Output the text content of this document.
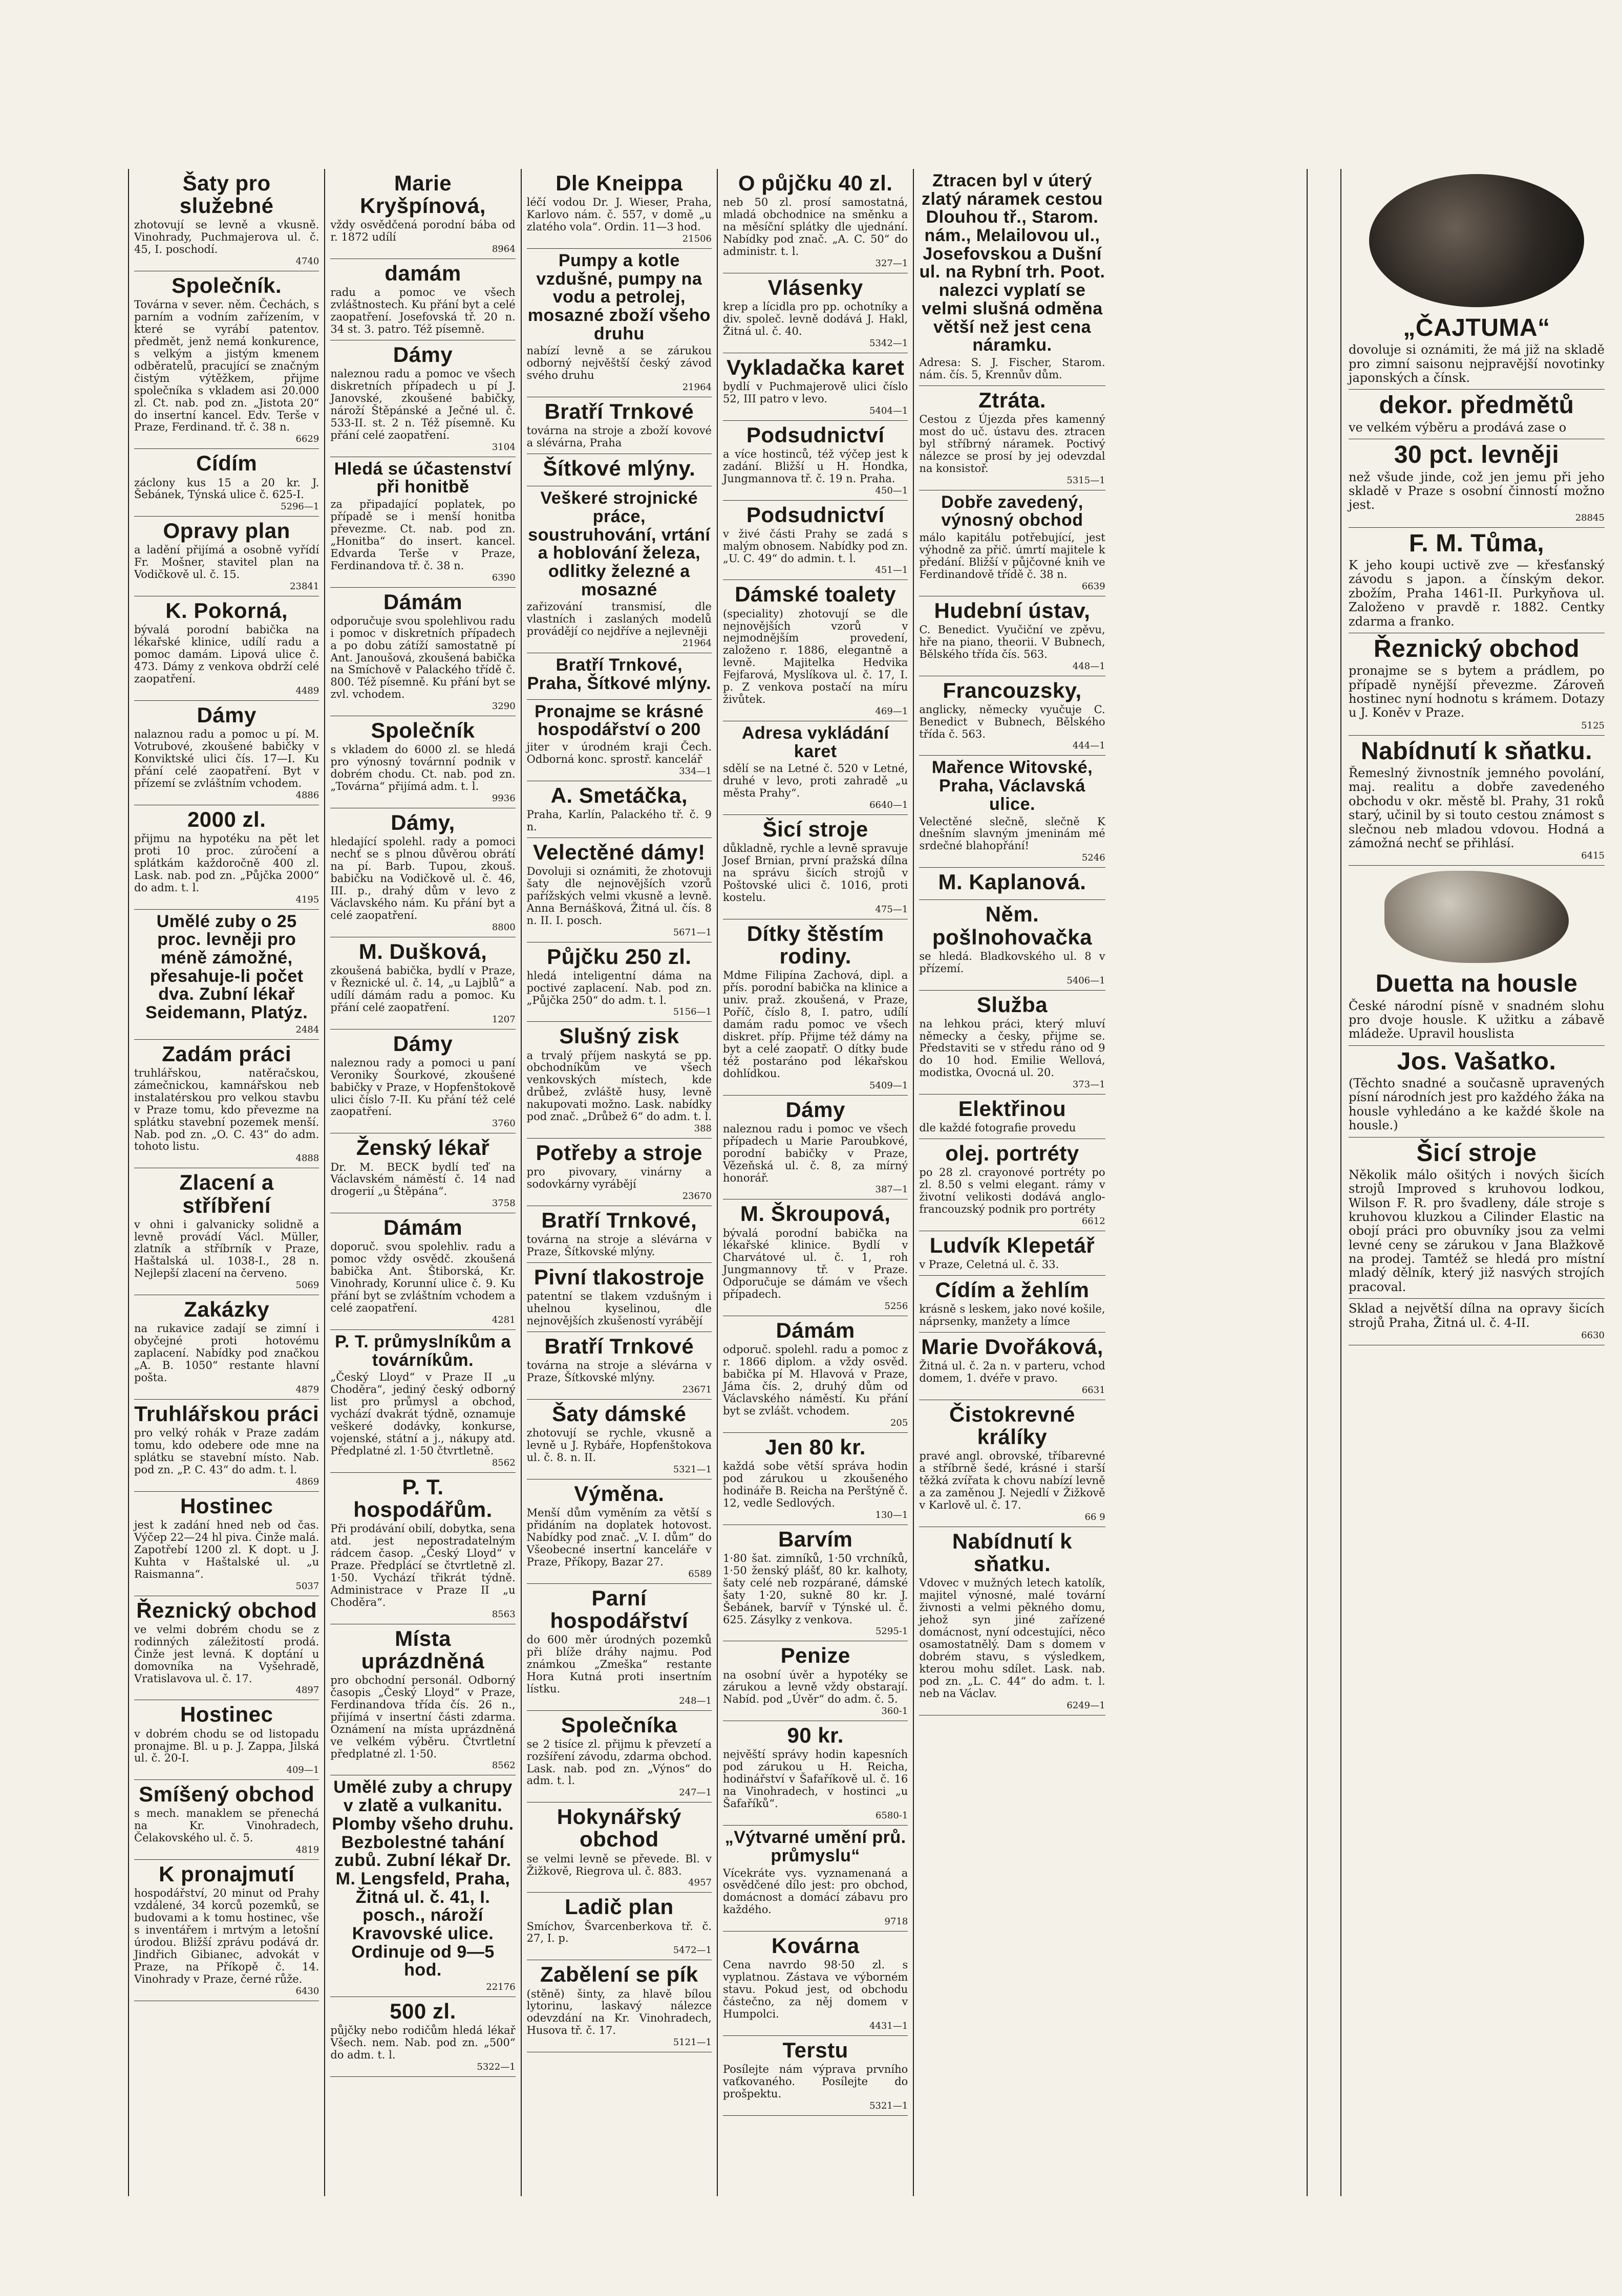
Šaty pro služebné

zhotovují se levně a vkusně. Vinohrady, Puchmajerova ul. č. 45, I. poschodí.

4740
Společník.

Továrna v sever. něm. Čechách, s parním a vodním zařízením, v které se vyrábí patentov. předmět, jenž nemá konkurence, s velkým a jistým kmenem odběratelů, pracující se značným čistým výtěžkem, přijme společníka s vkladem asi 20.000 zl. Ct. nab. pod zn. „Jistota 20“ do insertní kancel. Edv. Terše v Praze, Ferdinand. tř. č. 38 n.

6629
Cídím

záclony kus 15 a 20 kr. J. Šebánek, Týnská ulice č. 625-I.

5296—1
Opravy plan

a ladění přijímá a osobně vyřídí Fr. Mošner, stavitel plan na Vodičkově ul. č. 15.

23841
K. Pokorná,

bývalá porodní babička na lékařské klinice, udílí radu a pomoc damám. Lipová ulice č. 473. Dámy z venkova obdrží celé zaopatření.

4489
Dámy

nalaznou radu a pomoc u pí. M. Votrubové, zkoušené babičky v Konviktské ulici čís. 17—I. Ku přání celé zaopatření. Byt v přízemí se zvláštním vchodem.

4886
2000 zl.

přijmu na hypotéku na pět let proti 10 proc. zúročení a splátkám každoročně 400 zl. Lask. nab. pod zn. „Půjčka 2000“ do adm. t. l.

4195
Umělé zuby o 25 proc. levněji pro méně zámožné, přesahuje-li počet dva. Zubní lékař Seidemann, Platýz.
2484
Zadám práci

truhlářskou, natěračskou, zámečnickou, kamnářskou neb instalatérskou pro velkou stavbu v Praze tomu, kdo převezme na splátku stavební pozemek menší. Nab. pod zn. „O. C. 43“ do adm. tohoto listu.

4888
Zlacení a stříbření

v ohni i galvanicky solidně a levně provádí Václ. Müller, zlatník a stříbrník v Praze, Haštalská ul. 1038-I., 28 n. Nejlepší zlacení na červeno.

5069
Zakázky

na rukavice zadají se zimní i obyčejné proti hotovému zaplacení. Nabídky pod značkou „A. B. 1050“ restante hlavní pošta.

4879
Truhlářskou práci

pro velký rohák v Praze zadám tomu, kdo odebere ode mne na splátku se stavební místo. Nab. pod zn. „P. C. 43“ do adm. t. l.

4869
Hostinec

jest k zadání hned neb od čas. Výčep 22—24 hl piva. Činže malá. Zapotřebí 1200 zl. K dopt. u J. Kuhta v Haštalské ul. „u Raismanna“.

5037
Řeznický obchod

ve velmi dobrém chodu se z rodinných záležitostí prodá. Činže jest levná. K doptání u domovníka na Vyšehradě, Vratislavova ul. č. 17.

4897
Hostinec

v dobrém chodu se od listopadu pronajme. Bl. u p. J. Zappa, Jilská ul. č. 20-I.

409—1
Smíšený obchod

s mech. manaklem se přenechá na Kr. Vinohradech, Čelakovského ul. č. 5.

4819
K pronajmutí

hospodářství, 20 minut od Prahy vzdálené, 34 korců pozemků, se budovami a k tomu hostinec, vše s inventářem i mrtvým a letošní úrodou. Bližší zprávu podává dr. Jindřich Gibianec, advokát v Praze, na Příkopě č. 14. Vinohrady v Praze, černé růže.

6430
Marie Kryšpínová,

vždy osvědčená porodní bába od r. 1872 udílí

8964
damám

radu a pomoc ve všech zvláštnostech. Ku přání byt a celé zaopatření. Josefovská tř. 20 n. 34 st. 3. patro. Též písemně.

Dámy

naleznou radu a pomoc ve všech diskretních případech u pí J. Janovské, zkoušené babičky, nároží Štěpánské a Ječné ul. č. 533-II. st. 2 n. Též písemně. Ku přání celé zaopatření.

3104
Hledá se účastenství při honitbě

za připadající poplatek, po případě se i menší honitba převezme. Ct. nab. pod zn. „Honitba“ do insert. kancel. Edvarda Terše v Praze, Ferdinandova tř. č. 38 n.

6390
Dámám

odporučuje svou spolehlivou radu i pomoc v diskretních případech a po dobu zátíží samostatně pí Ant. Janoušová, zkoušená babička na Smíchově v Palackého třídě č. 800. Též písemně. Ku přání byt se zvl. vchodem.

3290
Společník

s vkladem do 6000 zl. se hledá pro výnosný továrnní podnik v dobrém chodu. Ct. nab. pod zn. „Továrna“ přijímá adm. t. l.

9936
Dámy,

hledající spolehl. rady a pomoci nechť se s plnou důvěrou obrátí na pí. Barb. Tupou, zkouš. babičku na Vodičkově ul. č. 46, III. p., drahý dům v levo z Václavského nám. Ku přání byt a celé zaopatření.

8800
M. Dušková,

zkoušená babička, bydlí v Praze, v Řeznické ul. č. 14, „u Lajblů“ a udílí dámám radu a pomoc. Ku přání celé zaopatření.

1207
Dámy

naleznou rady a pomoci u paní Veroniky Šourkové, zkoušené babičky v Praze, v Hopfenštokově ulici číslo 7-II. Ku přání též celé zaopatření.

3760
Ženský lékař

Dr. M. BECK bydlí teď na Václavském náměstí č. 14 nad drogerií „u Štěpána“.

3758
Dámám

doporuč. svou spolehliv. radu a pomoc vždy osvědč. zkoušená babička Ant. Štiborská, Kr. Vinohrady, Korunní ulice č. 9. Ku přání byt se zvláštním vchodem a celé zaopatření.

4281
P. T. průmyslníkům a továrníkům.

„Český Lloyd“ v Praze II „u Choděra“, jediný český odborný list pro průmysl a obchod, vychází dvakrát týdně, oznamuje veškeré dodávky, konkurse, vojenské, státní a j., nákupy atd. Předplatné zl. 1·50 čtvrtletně.

8562
P. T. hospodářům.

Při prodávání obilí, dobytka, sena atd. jest nepostradatelným rádcem časop. „Český Lloyd“ v Praze. Předplácí se čtvrtletně zl. 1·50. Vychází třikrát týdně. Administrace v Praze II „u Choděra“.

8563
Místa uprázdněná

pro obchodní personál. Odborný časopis „Český Lloyd“ v Praze, Ferdinandova třída čís. 26 n., přijímá v insertní části zdarma. Oznámení na místa uprázdněná ve velkém výběru. Čtvrtletní předplatné zl. 1·50.

8562
Umělé zuby a chrupy v zlatě a vulkanitu. Plomby všeho druhu. Bezbolestné tahání zubů. Zubní lékař Dr. M. Lengsfeld, Praha, Žitná ul. č. 41, I. posch., nároží Kravovské ulice. Ordinuje od 9—5 hod.
22176
500 zl.

půjčky nebo rodičům hledá lékař Všech. nem. Nab. pod zn. „500“ do adm. t. l.

5322—1
Dle Kneippa

léčí vodou Dr. J. Wieser, Praha, Karlovo nám. č. 557, v domě „u zlatého vola“. Ordin. 11—3 hod.

21506
Pumpy a kotle vzdušné, pumpy na vodu a petrolej, mosazné zboží všeho druhu

nabízí levně a se zárukou odborný nejvěštší český závod svého druhu

21964
Bratří Trnkové

továrna na stroje a zboží kovové a slévárna, Praha

Šítkové mlýny.
Veškeré strojnické práce, soustruhování, vrtání a hoblování železa, odlitky železné a mosazné

zařizování transmisí, dle vlastních i zaslaných modelů provádějí co nejdříve a nejlevněji

21964
Bratří Trnkové, Praha, Šítkové mlýny.
Pronajme se krásné hospodářství o 200

jiter v úrodném kraji Čech. Odborná konc. sprostř. kancelář

334—1
A. Smetáčka,

Praha, Karlín, Palackého tř. č. 9 n.

Velectěné dámy!

Dovoluji si oznámiti, že zhotovuji šaty dle nejnovějších vzorů pařížských velmi vkusně a levně. Anna Bernášková, Žitná ul. čís. 8 n. II. I. posch.

5671—1
Půjčku 250 zl.

hledá inteligentní dáma na poctivé zaplacení. Nab. pod zn. „Půjčka 250“ do adm. t. l.

5156—1
Slušný zisk

a trvalý příjem naskytá se pp. obchodníkům ve všech venkovských místech, kde drůbež, zvláště husy, levně nakupovati možno. Lask. nabídky pod znač. „Drůbež 6“ do adm. t. l.

388
Potřeby a stroje

pro pivovary, vinárny a sodovkárny vyrábějí

23670
Bratří Trnkové,

továrna na stroje a slévárna v Praze, Šítkovské mlýny.

Pivní tlakostroje

patentní se tlakem vzdušným i uhelnou kyselinou, dle nejnovějších zkušeností vyrábějí

Bratří Trnkové

továrna na stroje a slévárna v Praze, Šítkovské mlýny.

23671
Šaty dámské

zhotovují se rychle, vkusně a levně u J. Rybáře, Hopfenštokova ul. č. 8. n. II.

5321—1
Výměna.

Menší dům vyměním za větší s přidáním na doplatek hotovost. Nabídky pod znač. „V. I. dům“ do Všeobecné insertní kanceláře v Praze, Příkopy, Bazar 27.

6589
Parní hospodářství

do 600 měr úrodných pozemků při blíže dráhy najmu. Pod známkou „Zmeška“ restante Hora Kutná proti insertním lístku.

248—1
Společníka

se 2 tisíce zl. přijmu k převzetí a rozšíření závodu, zdarma obchod. Lask. nab. pod zn. „Výnos“ do adm. t. l.

247—1
Hokynářský obchod

se velmi levně se převede. Bl. v Žižkově, Riegrova ul. č. 883.

4957
Ladič plan

Smíchov, Švarcenberkova tř. č. 27, I. p.

5472—1
Zabělení se pík

(stěně) šinty, za hlavě bílou lytorinu, laskavý nálezce odevzdání na Kr. Vinohradech, Husova tř. č. 17.

5121—1
O půjčku 40 zl.

neb 50 zl. prosí samostatná, mladá obchodnice na směnku a na měsíční splátky dle ujednání. Nabídky pod znač. „A. C. 50“ do administr. t. l.

327—1
Vlásenky

krep a lícidla pro pp. ochotníky a div. společ. levně dodává J. Hakl, Žitná ul. č. 40.

5342—1
Vykladačka karet

bydlí v Puchmajerově ulici číslo 52, III patro v levo.

5404—1
Podsudnictví

a více hostinců, též výčep jest k zadání. Bližší u H. Hondka, Jungmannova tř. č. 19 n. Praha.

450—1
Podsudnictví

v živé části Prahy se zadá s malým obnosem. Nabídky pod zn. „U. C. 49“ do admin. t. l.

451—1
Dámské toalety

(speciality) zhotovují se dle nejnovějších vzorů v nejmodnějším provedení, založeno r. 1886, elegantně a levně. Majitelka Hedvika Fejfarová, Myslíkova ul. č. 17, I. p. Z venkova postačí na míru živůtek.

469—1
Adresa vykládání karet

sdělí se na Letné č. 520 v Letné, druhé v levo, proti zahradě „u města Prahy“.

6640—1
Šicí stroje

důkladně, rychle a levně spravuje Josef Brnian, první pražská dílna na správu šicích strojů v Poštovské ulici č. 1016, proti kostelu.

475—1
Dítky štěstím rodiny.

Mdme Filipína Zachová, dipl. a přís. porodní babička na klinice a univ. praž. zkoušená, v Praze, Poříč, číslo 8, I. patro, udílí damám radu pomoc ve všech diskret. příp. Přijme též dámy na byt a celé zaopatř. O dítky bude též postaráno pod lékařskou dohlídkou.

5409—1
Dámy

naleznou radu i pomoc ve všech případech u Marie Paroubkové, porodní babičky v Praze, Vězeňská ul. č. 8, za mírný honorář.

387—1
M. Škroupová,

bývalá porodní babička na lékařské klinice. Bydlí v Charvátové ul. č. 1, roh Jungmannovy tř. v Praze. Odporučuje se dámám ve všech případech.

5256
Dámám

odporuč. spolehl. radu a pomoc z r. 1866 diplom. a vždy osvěd. babička pí M. Hlavová v Praze, Jámа čís. 2, druhý dům od Václavského náměstí. Ku přání byt se zvlášt. vchodem.

205
Jen 80 kr.

každá sobe větší správa hodin pod zárukou u zkoušeného hodináře B. Reicha na Perštýně č. 12, vedle Sedlových.

130—1
Barvím

1·80 šat. zimníků, 1·50 vrchníků, 1·50 ženský plášť, 80 kr. kalhoty, šaty celé neb rozpárané, dámské šaty 1·20, sukně 80 kr. J. Šebánek, barvíř v Týnské ul. č. 625. Zásylky z venkova.

5295-1
Penize

na osobní úvěr a hypotéky se zárukou a levně vždy obstarají. Nabíd. pod „Úvěr“ do adm. č. 5.

360-1
90 kr.

nejvěští správy hodin kapesních pod zárukou u H. Reicha, hodinářství v Šafaříkově ul. č. 16 na Vinohradech, v hostinci „u Šafaříků“.

6580-1
„Výtvarné umění prů. průmyslu“

Vícekráte vys. vyznamenaná a osvědčené dílo jest: pro obchod, domácnost a domácí zábavu pro každého.

9718
Kovárna

Cena navrdo 98·50 zl. s vyplatnou. Zástava ve výborném stavu. Pokud jest, od obchodu částečno, za něj domem v Humpolci.

4431—1
Terstu

Posílejte nám výprava prvního vaťkovaného. Posílejte do prošpektu.

5321—1
Ztracen byl v úterý zlatý náramek cestou Dlouhou tř., Starom. nám., Melailovou ul., Josefovskou a Dušní ul. na Rybní trh. Poot. nalezci vyplatí se velmi slušná odměna větší než jest cena náramku.

Adresa: S. J. Fischer, Starom. nám. čís. 5, Krennův dům.

Ztráta.

Cestou z Újezda přes kamenný most do uč. ústavu des. ztracen byl stříbrný náramek. Poctivý nálezce se prosí by jej odevzdal na konsistoř.

5315—1
Dobře zavedený, výnosný obchod

málo kapitálu potřebující, jest výhodně za přič. úmrtí majitele k předání. Bližší v půjčovné knih ve Ferdinandově třídě č. 38 n.

6639
Hudební ústav,

C. Benedict. Vyučiční ve zpěvu, hře na piano, theorii. V Bubnech, Bělského třída čís. 563.

448—1
Francouzsky,

anglicky, německy vyučuje C. Benedict v Bubnech, Bělského třída č. 563.

444—1
Mařence Witovské, Praha, Václavská ulice.

Velectěné slečně, slečně K dnešním slavným jmeninám mé srdečné blahopřání!

5246
M. Kaplanová.
Něm. pošlnohovačka

se hledá. Bladkovského ul. 8 v přízemí.

5406—1
Služba

na lehkou práci, který mluví německy a česky, přijme se. Představiti se v středu ráno od 9 do 10 hod. Emilie Wellová, modistka, Ovocná ul. 20.

373—1
Elektřinou

dle každé fotografie provedu

olej. portréty

po 28 zl. crayonové portréty po zl. 8.50 s velmi elegant. rámy v životní velikosti dodává anglo-francouzský podnik pro portréty

6612
Ludvík Klepetář

v Praze, Celetná ul. č. 33.

Cídím a žehlím

krásně s leskem, jako nové košile, náprsenky, manžety a límce

Marie Dvořáková,

Žitná ul. č. 2a n. v parteru, vchod domem, 1. dvéře v pravo.

6631
Čistokrevné králíky

pravé angl. obrovské, tříbarevné a stříbrně šedé, krásné i starší těžká zvířata k chovu nabízí levně a za zaměnou J. Nejedlí v Žižkově v Karlově ul. č. 17.

66 9
Nabídnutí k sňatku.

Vdovec v mužných letech katolík, majitel výnosné, malé tovární živnosti a velmi pěkného domu, jehož syn jiné zařízené domácnost, nyní odcestujíci, něco osamostatnělý. Dam s domem v dobrém stavu, s výsledkem, kterou mohu sdílet. Lask. nab. pod zn. „L. C. 44“ do adm. t. l. neb na Václav.

6249—1
„ČAJTUMA“

dovoluje si oznámiti, že má již na skladě pro zimní saisonu nejpravější novotinky japonských a čínsk.

dekor. předmětů

ve velkém výběru a prodává zase o

30 pct. levněji

než všude jinde, což jen jemu při jeho skladě v Praze s osobní činností možno jest.

28845
F. M. Tůma,

K jeho koupi uctivě zve — křesťanský závodu s japon. a čínským dekor. zbožím, Praha 1461-II. Purkyňova ul. Založeno v pravdě r. 1882. Centky zdarma a franko.

Řeznický obchod

pronajme se s bytem a prádlem, po případě nynější převezme. Zároveň hostinec nyní hodnotu s krámem. Dotazy u J. Koněv v Praze.

5125
Nabídnutí k sňatku.

Řemeslný živnostník jemného povolání, maj. realitu a dobře zavedeného obchodu v okr. městě bl. Prahy, 31 roků starý, učinil by si touto cestou známost s slečnou neb mladou vdovou. Hodná a zámožná nechť se přihlásí.

6415
Duetta na housle

České národní písně v snadném slohu pro dvoje housle. K užitku a zábavě mládeže. Upravil houslista

Jos. Vašatko.

(Těchto snadné a současně upravených písní národních jest pro každého žáka na housle vyhledáno a ke každé škole na housle.)

Šicí stroje

Několik málo ošitých i nových šicích strojů Improved s kruhovou lodkou, Wilson F. R. pro švadleny, dále stroje s kruhovou kluzkou a Cilinder Elastic na obojí práci pro obuvníky jsou za velmi levné ceny se zárukou v Jana Blažkově na prodej. Tamtéž se hledá pro místní mladý dělník, který již nasvých strojích pracoval.

Sklad a největší dílna na opravy šicích strojů Praha, Žitná ul. č. 4-II.

6630
